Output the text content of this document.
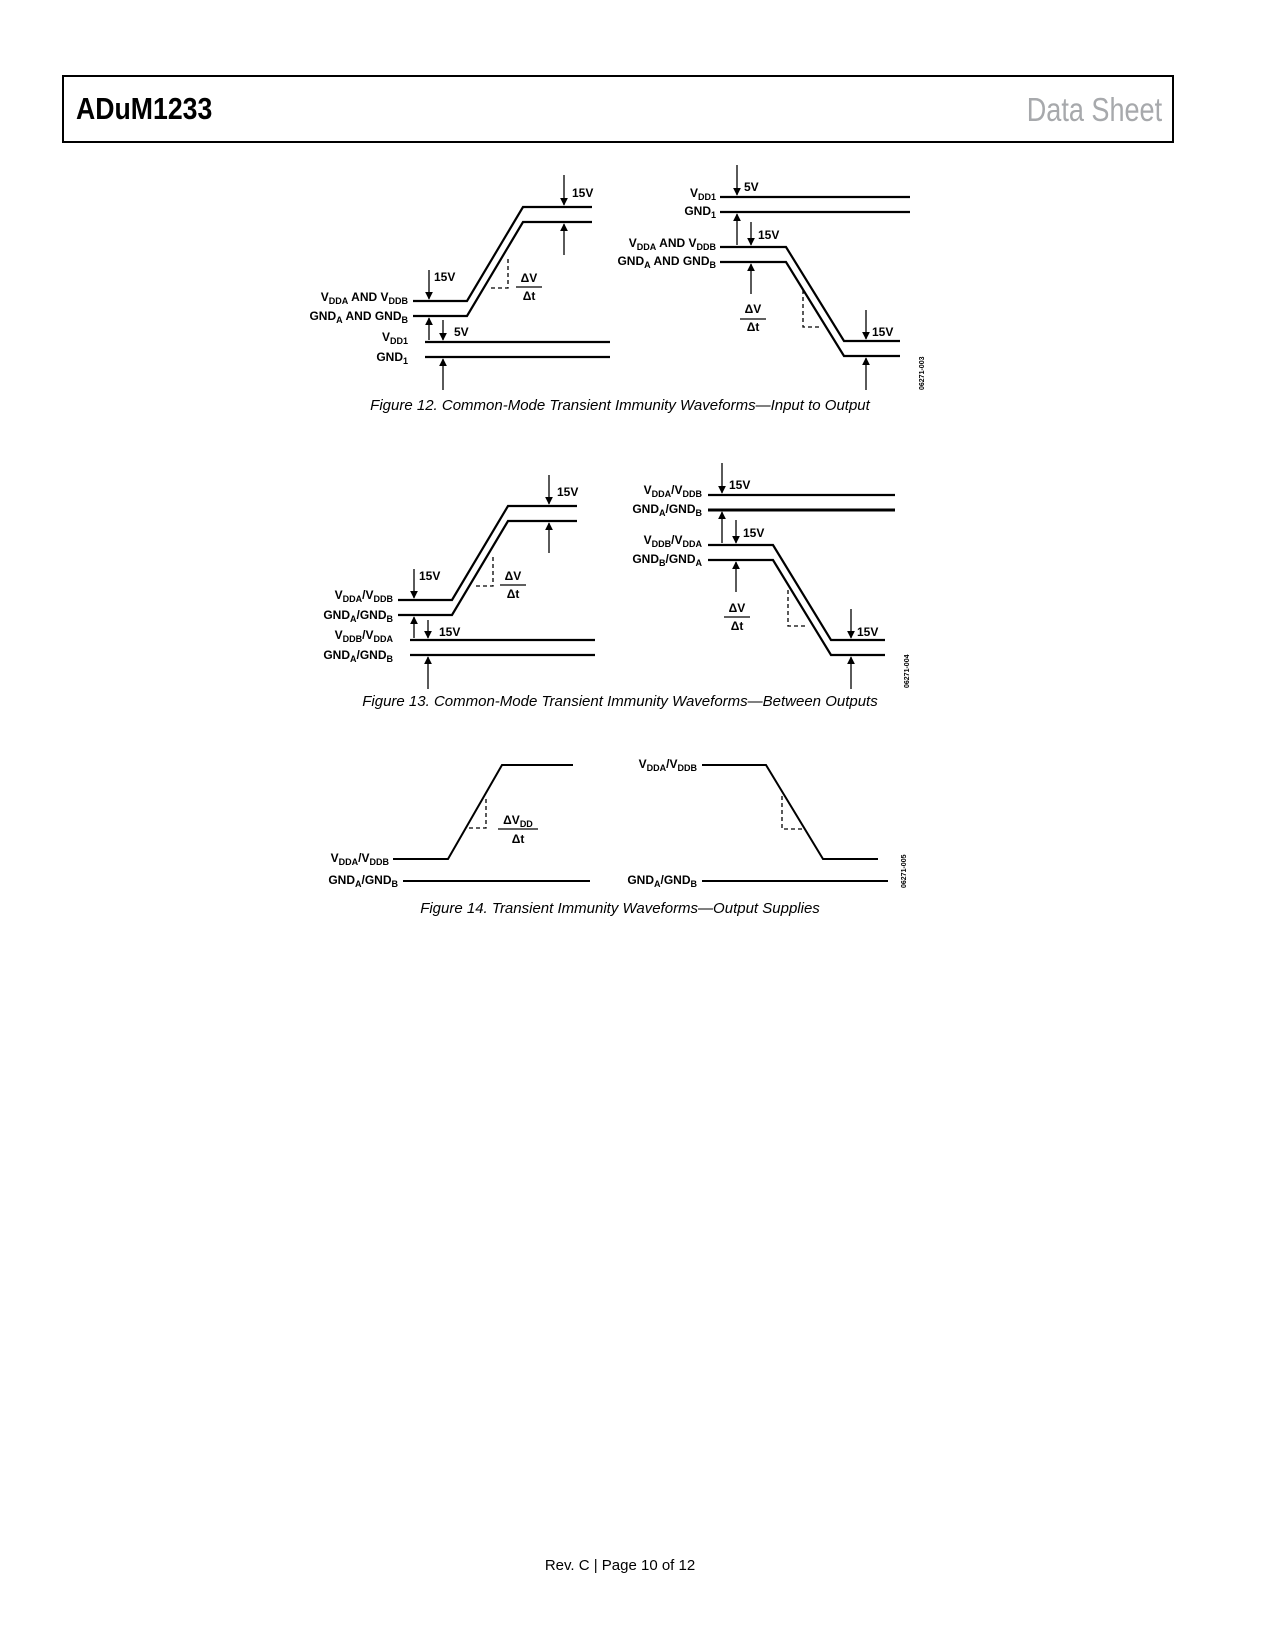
ADuM1233	Data Sheet
$V_{DDA}$ AND $V_{DDB}$
$GND_A$ AND $GND_B$
$V_{DD1}$
$GND_1$
15V
15V
5V
ΔV
Δt
$V_{DD1}$
$GND_1$
$V_{DDA}$ AND $V_{DDB}$
$GND_A$ AND $GND_B$
5V
15V
15V
ΔV
Δt
06271-003
Figure 12. Common-Mode Transient Immunity Waveforms—Input to Output
$V_{DDA}/V_{DDB}$
$GND_A/GND_B$
$V_{DDB}/V_{DDA}$
$GND_A/GND_B$
15V
15V
15V
ΔV
Δt
$V_{DDA}/V_{DDB}$
$GND_A/GND_B$
$V_{DDB}/V_{DDA}$
$GND_B/GND_A$
15V
15V
15V
ΔV
Δt
06271-004
Figure 13. Common-Mode Transient Immunity Waveforms—Between Outputs
$V_{DDA}/V_{DDB}$
$GND_A/GND_B$
$\Delta V_{DD}$
Δt
$V_{DDA}/V_{DDB}$
$GND_A/GND_B$	06271-005
Figure 14. Transient Immunity Waveforms—Output Supplies
Rev. C | Page 10 of 12
